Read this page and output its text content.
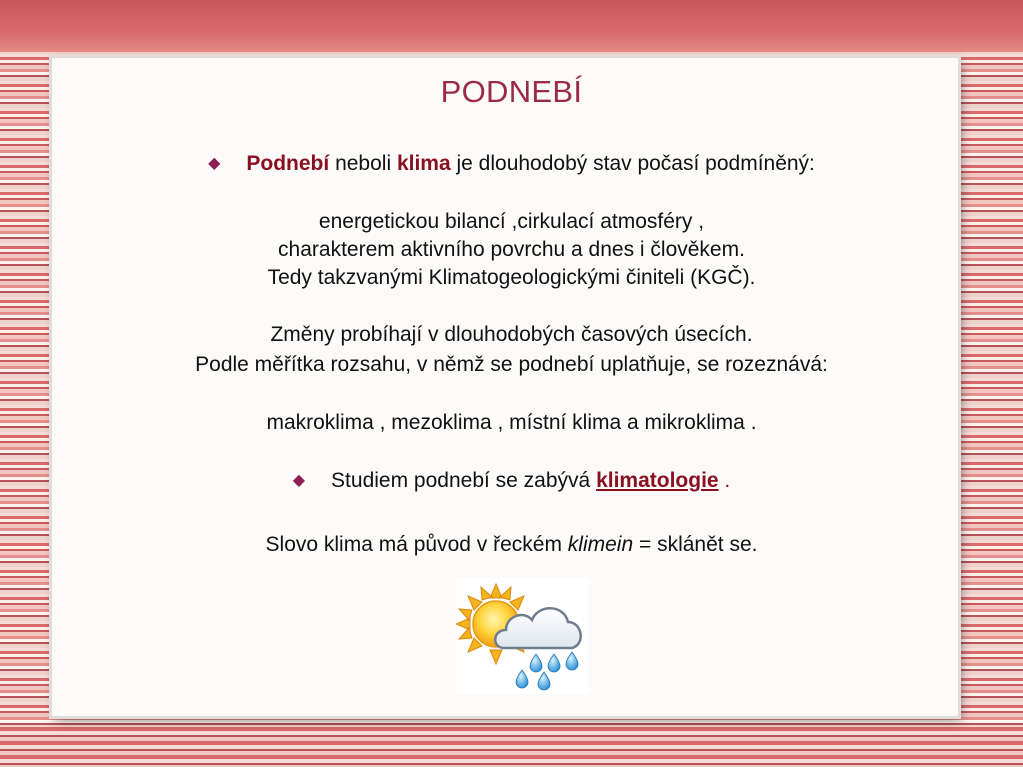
PODNEBÍ
◆ Podnebí neboli klima je dlouhodobý stav počasí podmíněný:
energetickou bilancí ,cirkulací atmosféry ,
charakterem aktivního povrchu a dnes i člověkem.
Tedy takzvanými Klimatogeologickými činiteli (KGČ).
Změny probíhají v dlouhodobých časových úsecích.
Podle měřítka rozsahu, v němž se podnebí uplatňuje, se rozeznává:
makroklima , mezoklima , místní klima a mikroklima .
◆ Studiem podnebí se zabývá klimatologie .
Slovo klima má původ v řeckém klimein = sklánět se.
